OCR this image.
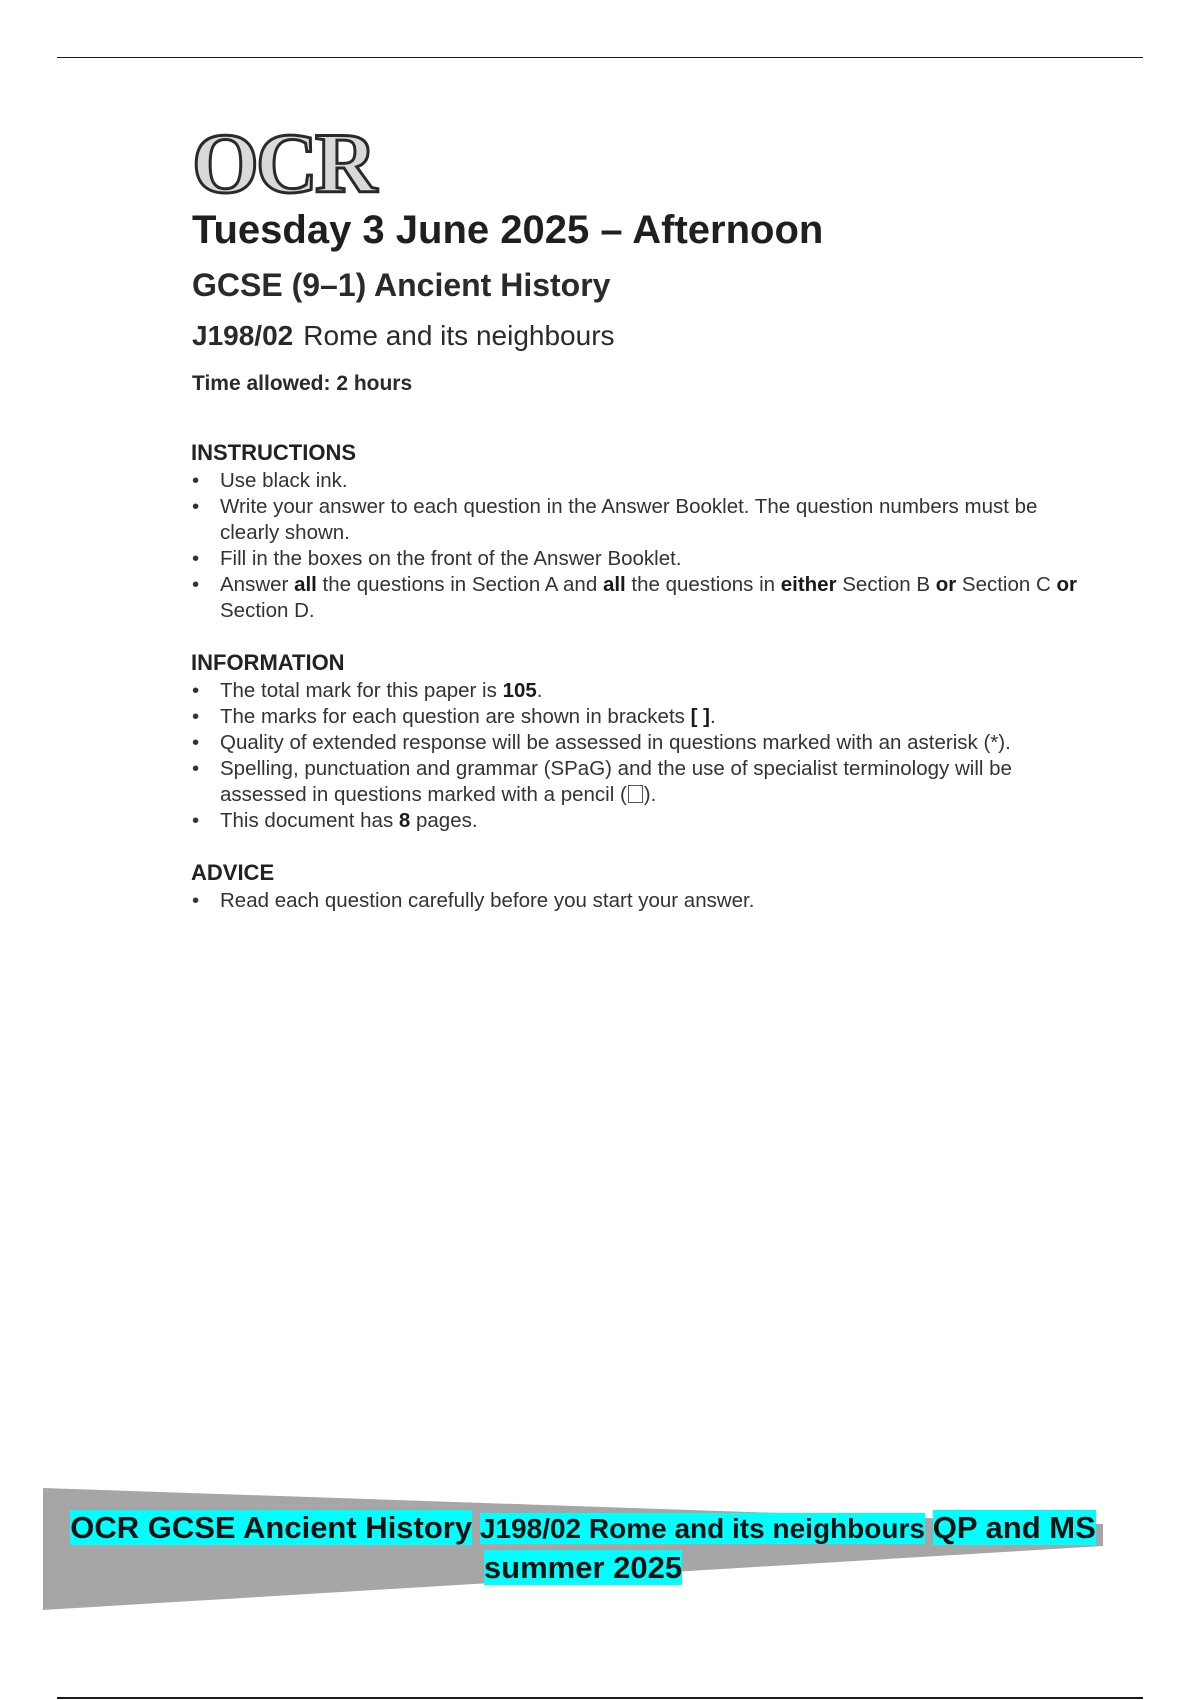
OCR
Tuesday 3 June 2025 – Afternoon
GCSE (9–1) Ancient History
J198/02 Rome and its neighbours
Time allowed: 2 hours
INSTRUCTIONS
•	Use black ink.
•	Write your answer to each question in the Answer Booklet. The question numbers must be clearly shown.
•	Fill in the boxes on the front of the Answer Booklet.
•	Answer all the questions in Section A and all the questions in either Section B or Section C or Section D.
INFORMATION
•	The total mark for this paper is 105.
•	The marks for each question are shown in brackets [ ].
•	Quality of extended response will be assessed in questions marked with an asterisk (*).
•	Spelling, punctuation and grammar (SPaG) and the use of specialist terminology will be assessed in questions marked with a pencil ( ).
•	This document has 8 pages.
ADVICE
•	Read each question carefully before you start your answer.
OCR GCSE Ancient History J198/02 Rome and its neighbours QP and MS
summer 2025
